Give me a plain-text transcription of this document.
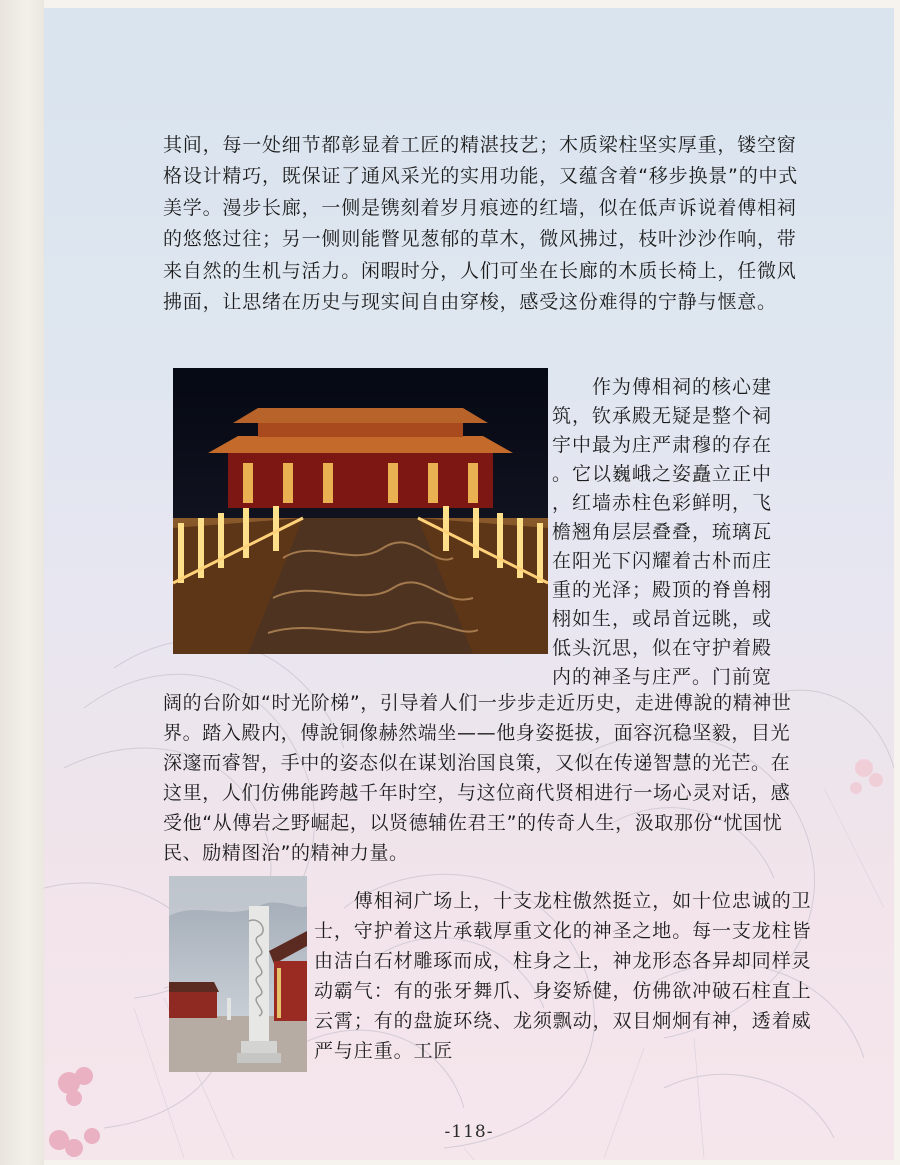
其间，每一处细节都彰显着工匠的精湛技艺；木质梁柱坚实厚重，镂空窗格设计精巧，既保证了通风采光的实用功能，又蕴含着“移步换景”的中式美学。漫步长廊，一侧是镌刻着岁月痕迹的红墙，似在低声诉说着傅相祠的悠悠过往；另一侧则能瞥见葱郁的草木，微风拂过，枝叶沙沙作响，带来自然的生机与活力。闲暇时分，人们可坐在长廊的木质长椅上，任微风拂面，让思绪在历史与现实间自由穿梭，感受这份难得的宁静与惬意。

　　作为傅相祠的核心建
筑，钦承殿无疑是整个祠
宇中最为庄严肃穆的存在
。它以巍峨之姿矗立正中
，红墙赤柱色彩鲜明，飞
檐翘角层层叠叠，琉璃瓦
在阳光下闪耀着古朴而庄
重的光泽；殿顶的脊兽栩
栩如生，或昂首远眺，或
低头沉思，似在守护着殿
内的神圣与庄严。门前宽

阔的台阶如“时光阶梯”，引导着人们一步步走近历史，走进傅說的精神世界。踏入殿内，傅說铜像赫然端坐——他身姿挺拔，面容沉稳坚毅，目光深邃而睿智，手中的姿态似在谋划治国良策，又似在传递智慧的光芒。在这里，人们仿佛能跨越千年时空，与这位商代贤相进行一场心灵对话，感受他“从傅岩之野崛起，以贤德辅佐君王”的传奇人生，汲取那份“忧国忧民、励精图治”的精神力量。

　　傅相祠广场上，十支龙柱傲然挺立，如十位忠诚的卫士，守护着这片承载厚重文化的神圣之地。每一支龙柱皆由洁白石材雕琢而成，柱身之上，神龙形态各异却同样灵动霸气：有的张牙舞爪、身姿矫健，仿佛欲冲破石柱直上云霄；有的盘旋环绕、龙须飘动，双目炯炯有神，透着威严与庄重。工匠

-118-
